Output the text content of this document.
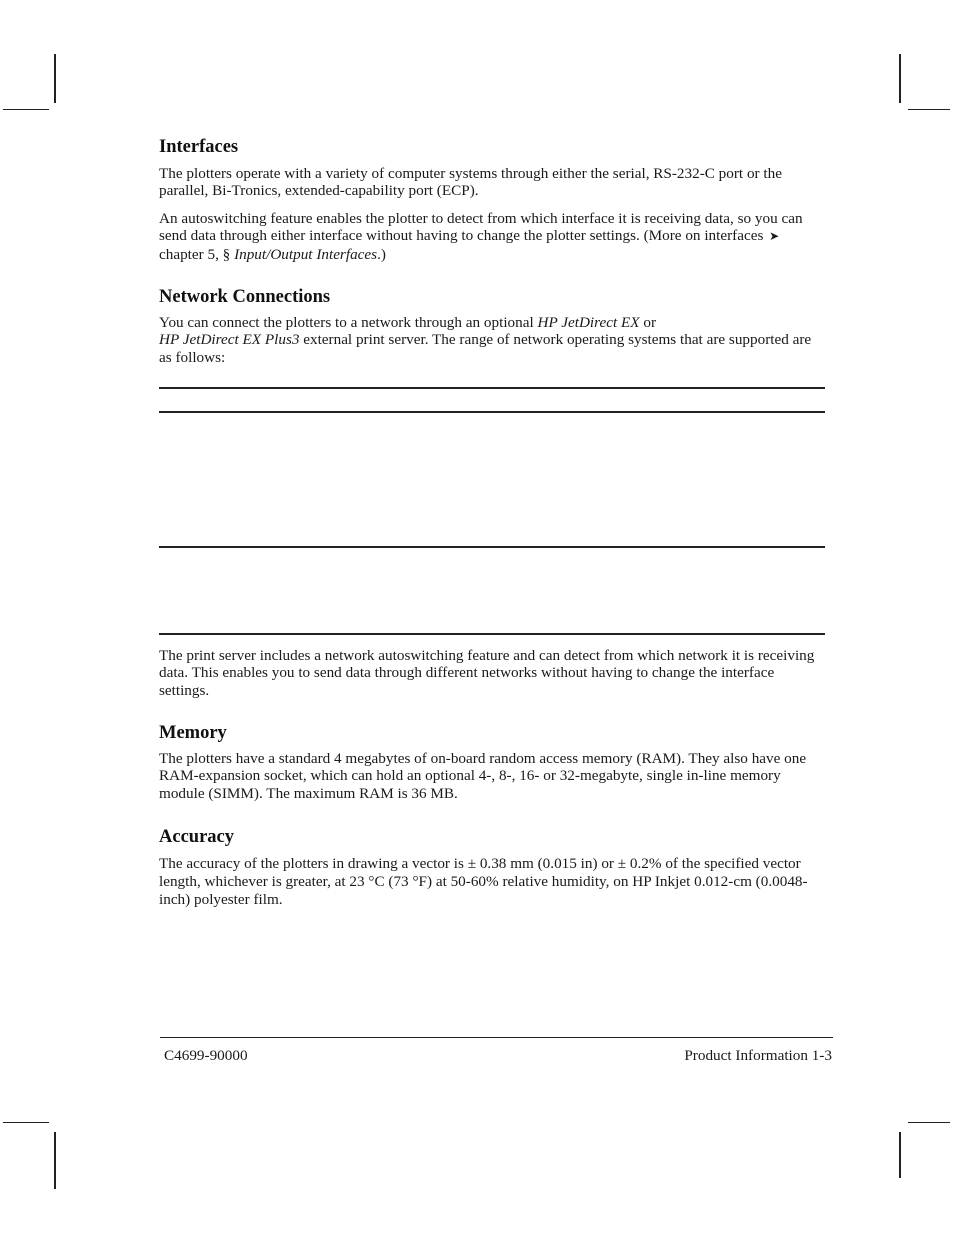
Interfaces

The plotters operate with a variety of computer systems through either the serial, RS-232-C port or the parallel, Bi-Tronics, extended-capability port (ECP).

An autoswitching feature enables the plotter to detect from which interface it is receiving data, so you can send data through either interface without having to change the plotter settings. (More on interfaces ➤chapter 5, § Input/Output Interfaces.)

Network Connections

You can connect the plotters to a network through an optional HP JetDirect EX or
HP JetDirect EX Plus3 external print server. The range of network operating systems that are supported are as follows:

The print server includes a network autoswitching feature and can detect from which network it is receiving data. This enables you to send data through different networks without having to change the interface settings.

Memory

The plotters have a standard 4 megabytes of on-board random access memory (RAM). They also have one RAM-expansion socket, which can hold an optional 4-, 8-, 16- or 32-megabyte, single in-line memory module (SIMM). The maximum RAM is 36 MB.

Accuracy

The accuracy of the plotters in drawing a vector is ± 0.38 mm (0.015 in) or ± 0.2% of the specified vector length, whichever is greater, at 23 °C (73 °F) at 50-60% relative humidity, on HP Inkjet 0.012-cm (0.0048-inch) polyester film.

C4699-90000	Product Information 1-3
